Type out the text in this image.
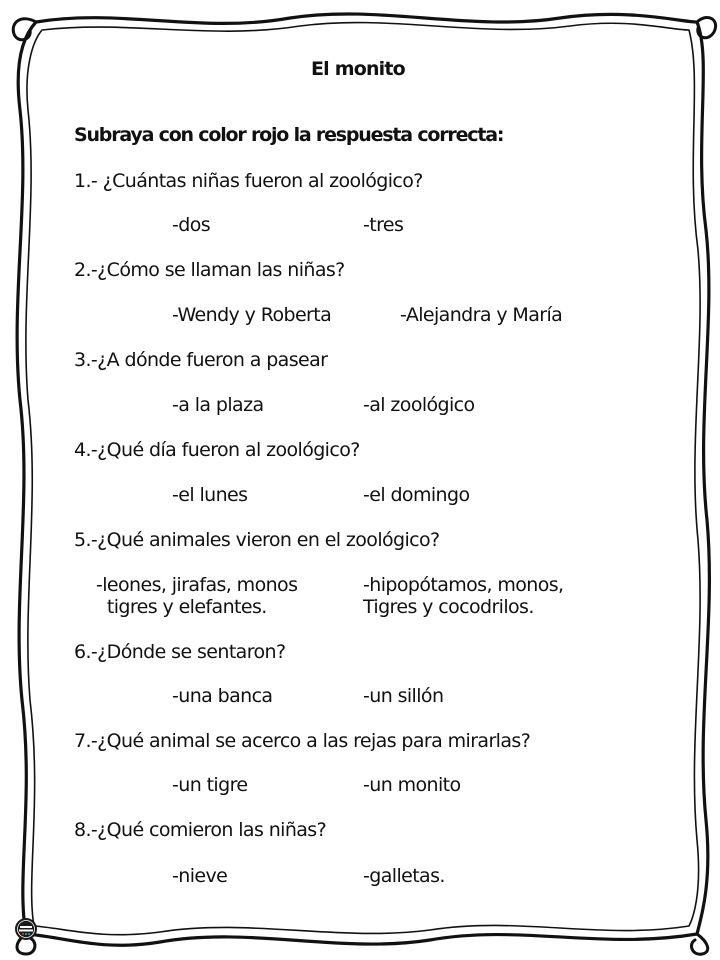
El monito
Subraya con color rojo la respuesta correcta:
1.- ¿Cuántas niñas fueron al zoológico?
-dos	-tres
2.-¿Cómo se llaman las niñas?
-Wendy y Roberta	-Alejandra y María
3.-¿A dónde fueron a pasear
-a la plaza	-al zoológico
4.-¿Qué día fueron al zoológico?
-el lunes	-el domingo
5.-¿Qué animales vieron en el zoológico?
-leones, jirafas, monos
tigres y elefantes.
-hipopótamos, monos,
Tigres y cocodrilos.
6.-¿Dónde se sentaron?
-una banca	-un sillón
7.-¿Qué animal se acerco a las rejas para mirarlas?
-un tigre	-un monito
8.-¿Qué comieron las niñas?
-nieve	-galletas.
